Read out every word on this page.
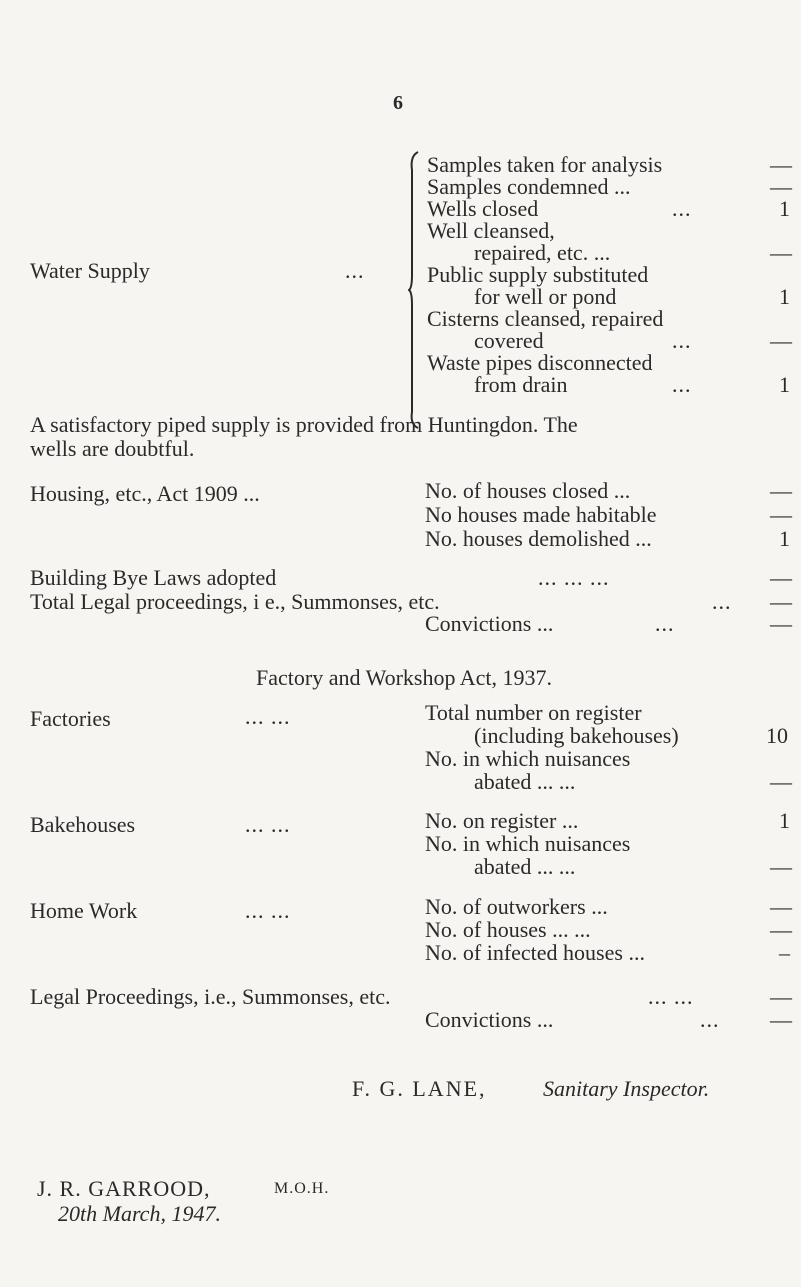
6
Water Supply	...
Samples taken for analysis	—
Samples condemned ...	—
Wells closed	...	1
Well cleansed,
repaired, etc. ...	—
Public supply substituted
for well or pond	1
Cisterns cleansed, repaired
covered	...	—
Waste pipes disconnected
from drain	...	1
A satisfactory piped supply is provided from Huntingdon. The
wells are doubtful.
Housing, etc., Act 1909 ...	No. of houses closed ...	—
No houses made habitable	—
No. houses demolished ...	1
Building Bye Laws adopted	... ... ...	—
Total Legal proceedings, i e., Summonses, etc.	... —
Convictions ...	...	—
Factory and Workshop Act, 1937.
Factories	... ...	Total number on register
(including bakehouses)	10
No. in which nuisances
abated ... ...	—
Bakehouses	... ...	No. on register ...	1
No. in which nuisances
abated ... ...	—
Home Work	... ...	No. of outworkers ...	—
No. of houses ... ...	—
No. of infected houses ...	–
Legal Proceedings, i.e., Summonses, etc.	... ...	—
Convictions ...	... —
F. G. LANE,	Sanitary Inspector.
J. R. GARROOD,	M.O.H.
20th March, 1947.
